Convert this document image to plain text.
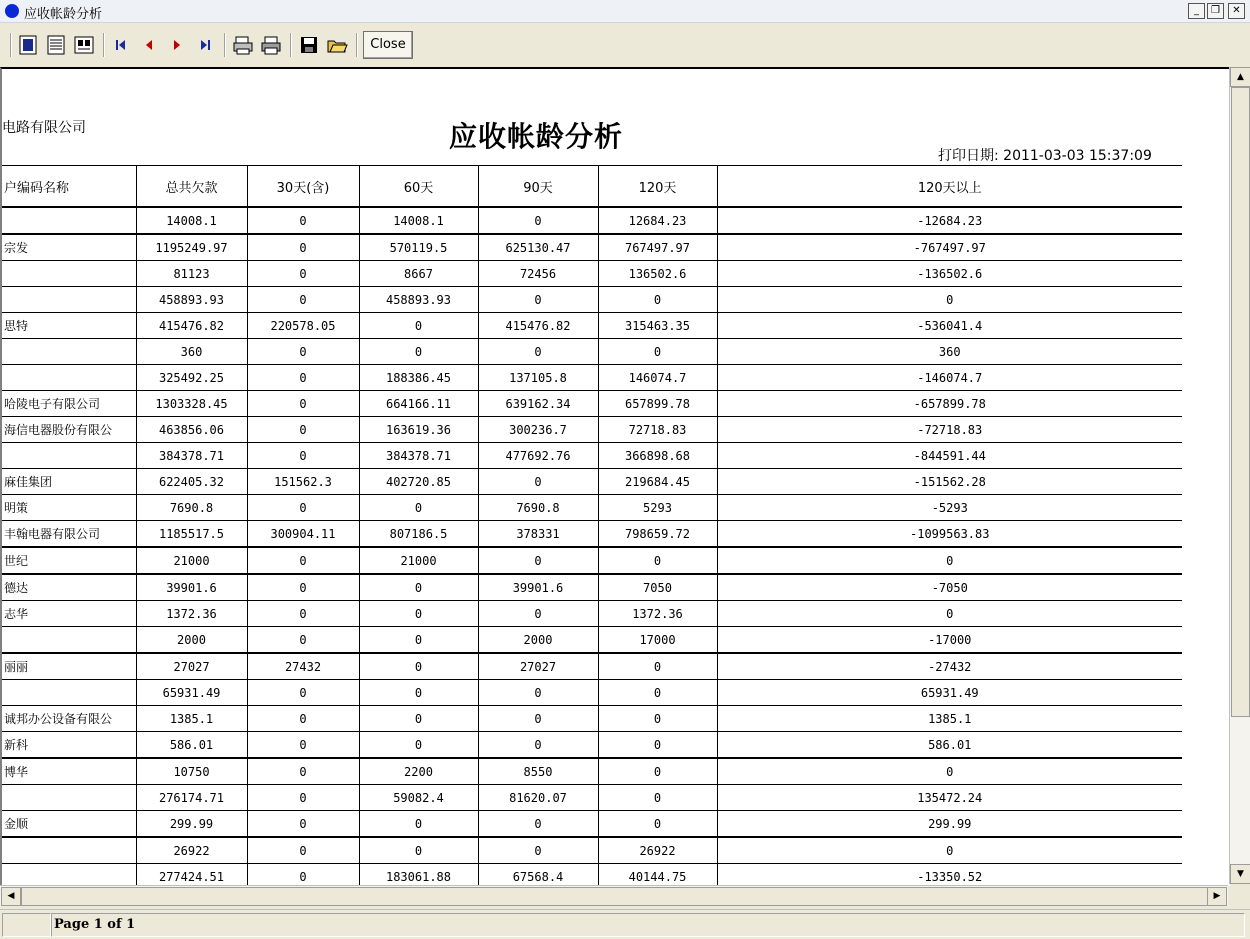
应收帐龄分析	_	❐	✕
Close
电路有限公司	应收帐龄分析
打印日期: 2011-03-03 15:37:09
户编码名称	总共欠款	30天(含)	60天	90天	120天	120天以上
	14008.1	0	14008.1	0	12684.23	-12684.23
宗发	1195249.97	0	570119.5	625130.47	767497.97	-767497.97
	81123	0	8667	72456	136502.6	-136502.6
	458893.93	0	458893.93	0	0	0
思特	415476.82	220578.05	0	415476.82	315463.35	-536041.4
	360	0	0	0	0	360
	325492.25	0	188386.45	137105.8	146074.7	-146074.7
哈陵电子有限公司	1303328.45	0	664166.11	639162.34	657899.78	-657899.78
海信电器股份有限公	463856.06	0	163619.36	300236.7	72718.83	-72718.83
	384378.71	0	384378.71	477692.76	366898.68	-844591.44
麻佳集团	622405.32	151562.3	402720.85	0	219684.45	-151562.28
明策	7690.8	0	0	7690.8	5293	-5293
丰翰电器有限公司	1185517.5	300904.11	807186.5	378331	798659.72	-1099563.83
世纪	21000	0	21000	0	0	0
德达	39901.6	0	0	39901.6	7050	-7050
志华	1372.36	0	0	0	1372.36	0
	2000	0	0	2000	17000	-17000
丽丽	27027	27432	0	27027	0	-27432
	65931.49	0	0	0	0	65931.49
诚邦办公设备有限公	1385.1	0	0	0	0	1385.1
新科	586.01	0	0	0	0	586.01
博华	10750	0	2200	8550	0	0
	276174.71	0	59082.4	81620.07	0	135472.24
金顺	299.99	0	0	0	0	299.99
	26922	0	0	0	26922	0
	277424.51	0	183061.88	67568.4	40144.75	-13350.52

▲
▼
◀	▶
Page 1 of 1
